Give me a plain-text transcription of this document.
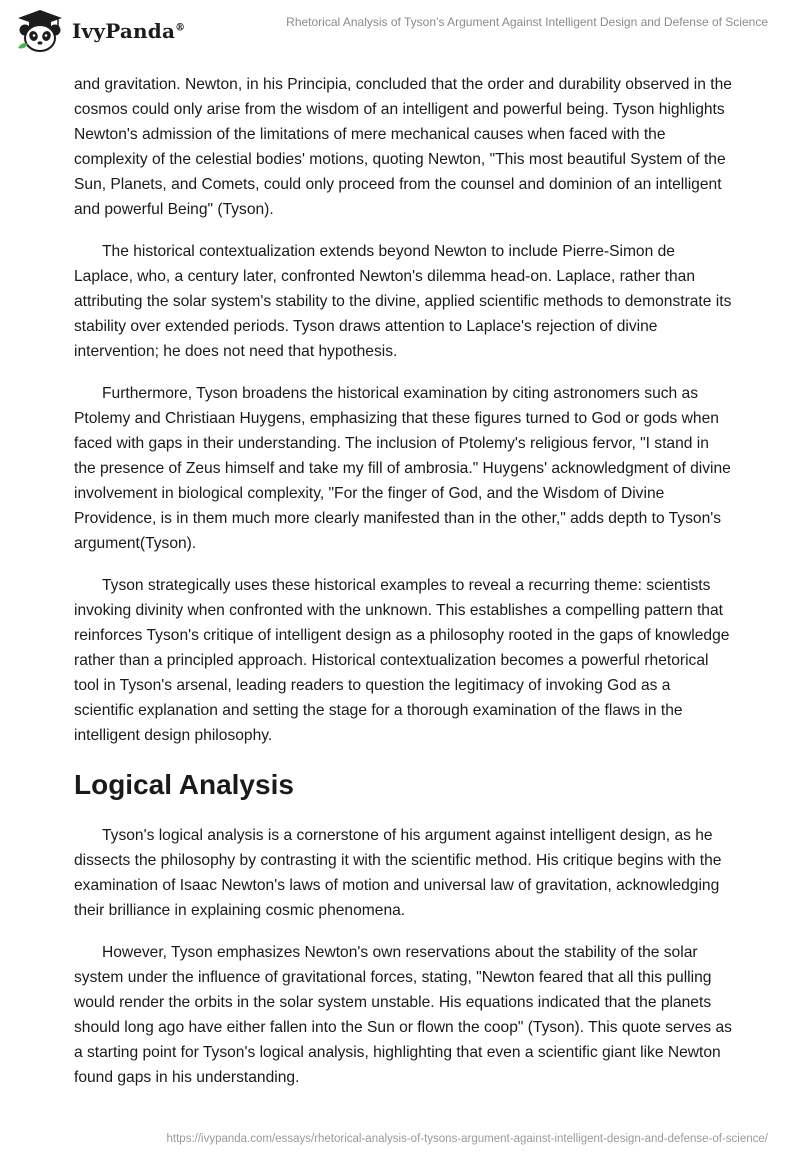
IvyPanda®	Rhetorical Analysis of Tyson’s Argument Against Intelligent Design and Defense of Science

and gravitation. Newton, in his Principia, concluded that the order and durability observed in the cosmos could only arise from the wisdom of an intelligent and powerful being. Tyson highlights Newton's admission of the limitations of mere mechanical causes when faced with the complexity of the celestial bodies' motions, quoting Newton, "This most beautiful System of the Sun, Planets, and Comets, could only proceed from the counsel and dominion of an intelligent and powerful Being" (Tyson).

The historical contextualization extends beyond Newton to include Pierre-Simon de Laplace, who, a century later, confronted Newton's dilemma head-on. Laplace, rather than attributing the solar system's stability to the divine, applied scientific methods to demonstrate its stability over extended periods. Tyson draws attention to Laplace's rejection of divine intervention; he does not need that hypothesis.

Furthermore, Tyson broadens the historical examination by citing astronomers such as Ptolemy and Christiaan Huygens, emphasizing that these figures turned to God or gods when faced with gaps in their understanding. The inclusion of Ptolemy's religious fervor, "I stand in the presence of Zeus himself and take my fill of ambrosia." Huygens' acknowledgment of divine involvement in biological complexity, "For the finger of God, and the Wisdom of Divine Providence, is in them much more clearly manifested than in the other," adds depth to Tyson's argument(Tyson).

Tyson strategically uses these historical examples to reveal a recurring theme: scientists invoking divinity when confronted with the unknown. This establishes a compelling pattern that reinforces Tyson's critique of intelligent design as a philosophy rooted in the gaps of knowledge rather than a principled approach. Historical contextualization becomes a powerful rhetorical tool in Tyson's arsenal, leading readers to question the legitimacy of invoking God as a scientific explanation and setting the stage for a thorough examination of the flaws in the intelligent design philosophy.

Logical Analysis

Tyson's logical analysis is a cornerstone of his argument against intelligent design, as he dissects the philosophy by contrasting it with the scientific method. His critique begins with the examination of Isaac Newton's laws of motion and universal law of gravitation, acknowledging their brilliance in explaining cosmic phenomena.

However, Tyson emphasizes Newton's own reservations about the stability of the solar system under the influence of gravitational forces, stating, "Newton feared that all this pulling would render the orbits in the solar system unstable. His equations indicated that the planets should long ago have either fallen into the Sun or flown the coop" (Tyson). This quote serves as a starting point for Tyson's logical analysis, highlighting that even a scientific giant like Newton found gaps in his understanding.

https://ivypanda.com/essays/rhetorical-analysis-of-tysons-argument-against-intelligent-design-and-defense-of-science/
